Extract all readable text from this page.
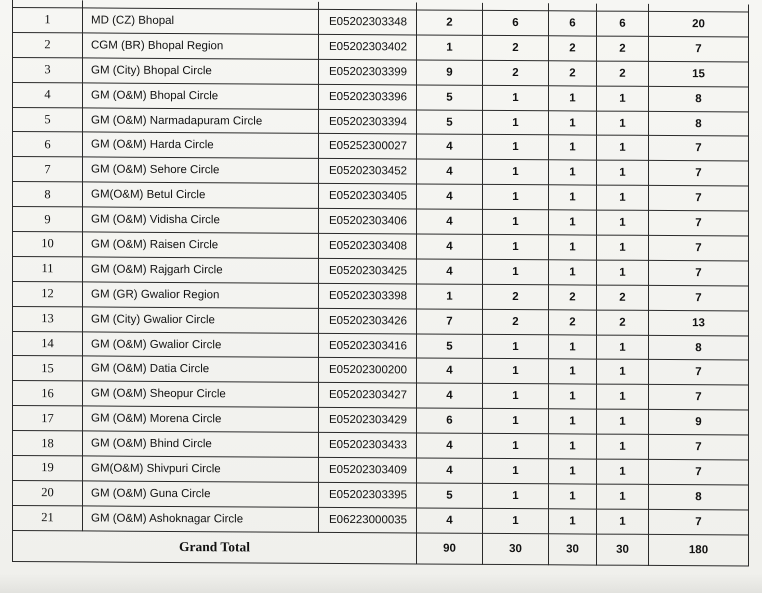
1	MD (CZ) Bhopal	E05202303348	2	6	6	6	20
2	CGM (BR) Bhopal Region	E05202303402	1	2	2	2	7
3	GM (City) Bhopal Circle	E05202303399	9	2	2	2	15
4	GM (O&M) Bhopal Circle	E05202303396	5	1	1	1	8
5	GM (O&M) Narmadapuram Circle	E05202303394	5	1	1	1	8
6	GM (O&M) Harda Circle	E05252300027	4	1	1	1	7
7	GM (O&M) Sehore Circle	E05202303452	4	1	1	1	7
8	GM(O&M) Betul Circle	E05202303405	4	1	1	1	7
9	GM (O&M) Vidisha Circle	E05202303406	4	1	1	1	7
10	GM (O&M) Raisen Circle	E05202303408	4	1	1	1	7
11	GM (O&M) Rajgarh Circle	E05202303425	4	1	1	1	7
12	GM (GR) Gwalior Region	E05202303398	1	2	2	2	7
13	GM (City) Gwalior Circle	E05202303426	7	2	2	2	13
14	GM (O&M) Gwalior Circle	E05202303416	5	1	1	1	8
15	GM (O&M) Datia Circle	E05202300200	4	1	1	1	7
16	GM (O&M) Sheopur Circle	E05202303427	4	1	1	1	7
17	GM (O&M) Morena Circle	E05202303429	6	1	1	1	9
18	GM (O&M) Bhind Circle	E05202303433	4	1	1	1	7
19	GM(O&M) Shivpuri Circle	E05202303409	4	1	1	1	7
20	GM (O&M) Guna Circle	E05202303395	5	1	1	1	8
21	GM (O&M) Ashoknagar Circle	E06223000035	4	1	1	1	7
Grand Total			90	30	30	30	180
